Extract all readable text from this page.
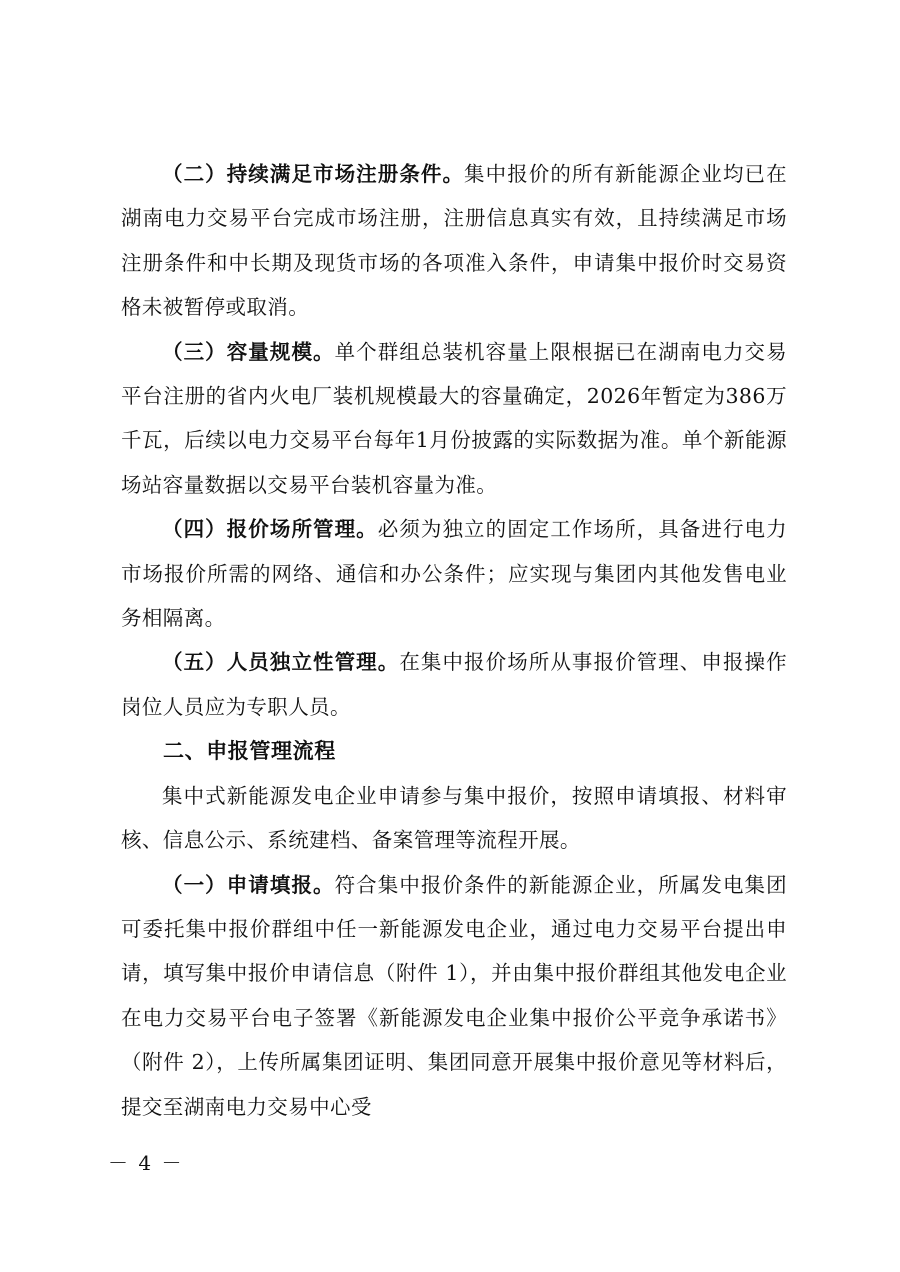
（二）持续满足市场注册条件。集中报价的所有新能源企业均已在湖南电力交易平台完成市场注册，注册信息真实有效，且持续满足市场注册条件和中长期及现货市场的各项准入条件，申请集中报价时交易资格未被暂停或取消。

（三）容量规模。单个群组总装机容量上限根据已在湖南电力交易平台注册的省内火电厂装机规模最大的容量确定，2026年暂定为386万千瓦，后续以电力交易平台每年1月份披露的实际数据为准。单个新能源场站容量数据以交易平台装机容量为准。

（四）报价场所管理。必须为独立的固定工作场所，具备进行电力市场报价所需的网络、通信和办公条件；应实现与集团内其他发售电业务相隔离。

（五）人员独立性管理。在集中报价场所从事报价管理、申报操作岗位人员应为专职人员。

二、申报管理流程

集中式新能源发电企业申请参与集中报价，按照申请填报、材料审核、信息公示、系统建档、备案管理等流程开展。

（一）申请填报。符合集中报价条件的新能源企业，所属发电集团可委托集中报价群组中任一新能源发电企业，通过电力交易平台提出申请，填写集中报价申请信息（附件 1），并由集中报价群组其他发电企业在电力交易平台电子签署《新能源发电企业集中报价公平竞争承诺书》（附件 2），上传所属集团证明、集团同意开展集中报价意见等材料后，提交至湖南电力交易中心受

－ 4 －
